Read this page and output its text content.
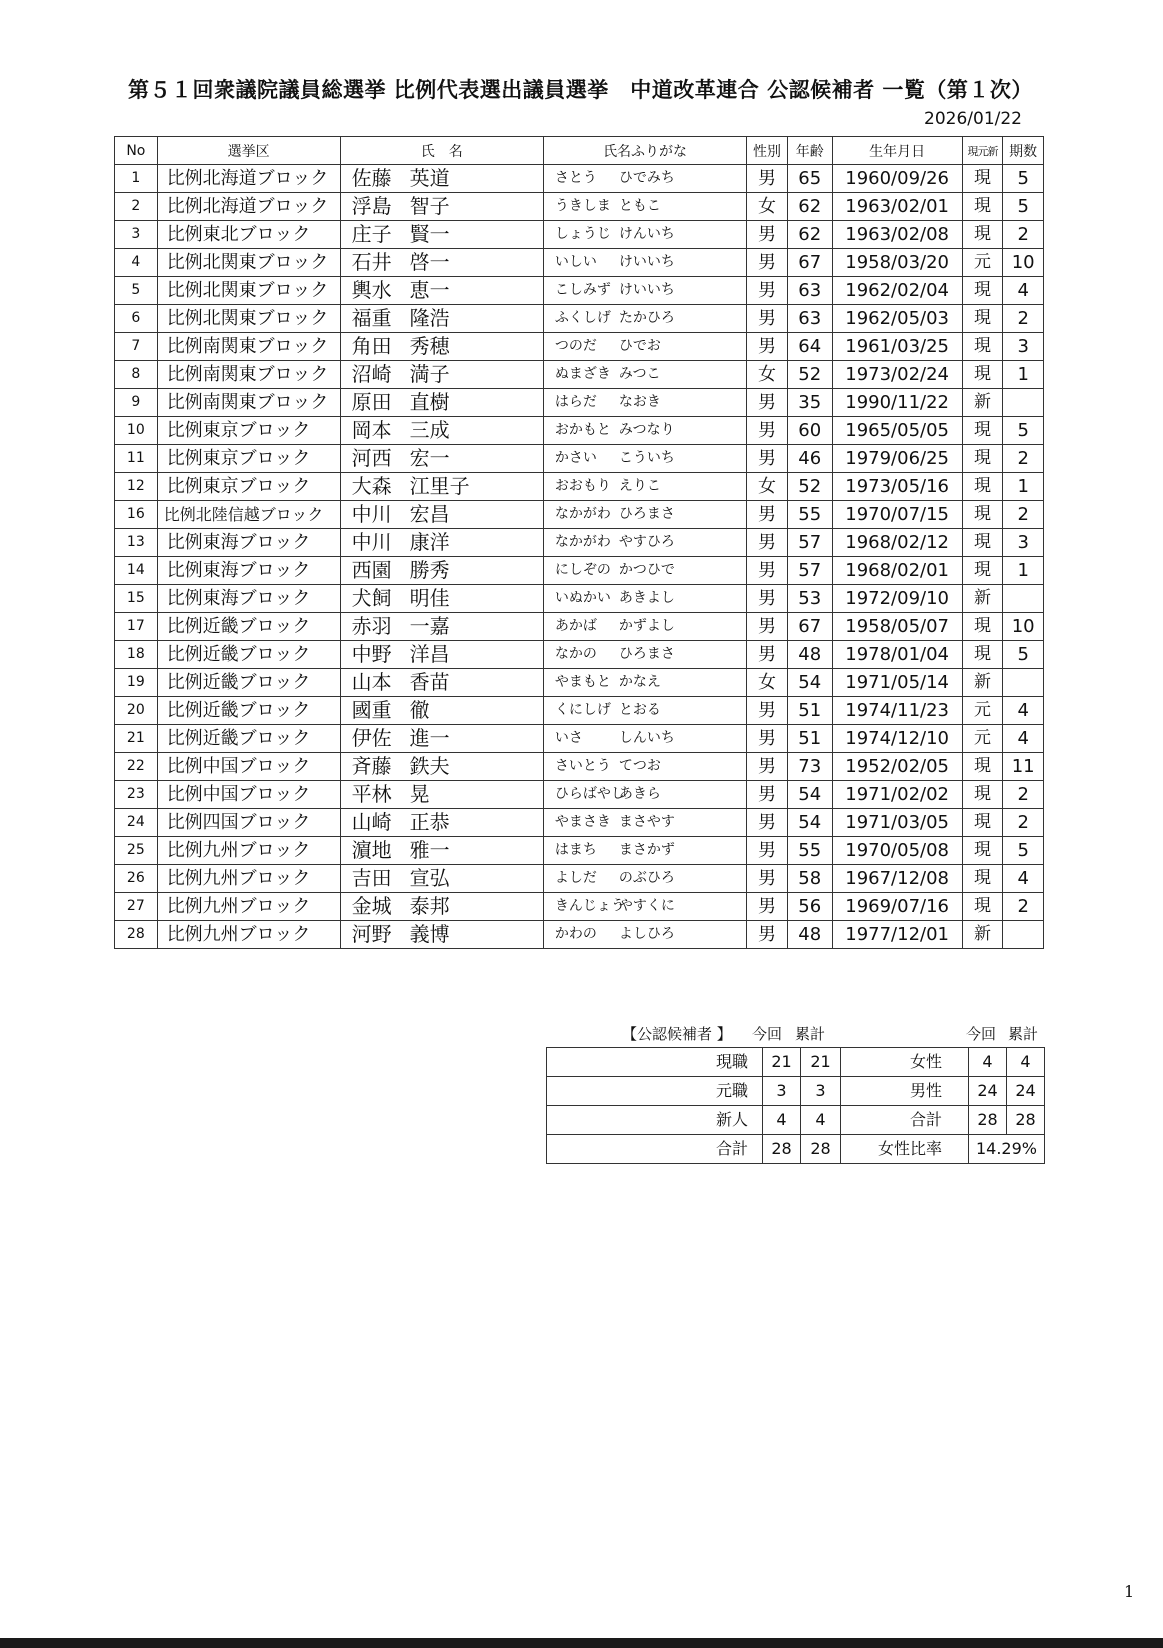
第５１回衆議院議員総選挙 比例代表選出議員選挙　中道改革連合 公認候補者 一覧（第１次）
2026/01/22
No	選挙区	氏　名	氏名ふりがな	性別	年齢	生年月日	現元新	期数
1	比例北海道ブロック	佐藤 英道	さとう ひでみち	男	65	1960/09/26	現	5
2	比例北海道ブロック	浮島 智子	うきしま ともこ	女	62	1963/02/01	現	5
3	比例東北ブロック	庄子 賢一	しょうじ けんいち	男	62	1963/02/08	現	2
4	比例北関東ブロック	石井 啓一	いしい けいいち	男	67	1958/03/20	元	10
5	比例北関東ブロック	輿水 恵一	こしみず けいいち	男	63	1962/02/04	現	4
6	比例北関東ブロック	福重 隆浩	ふくしげ たかひろ	男	63	1962/05/03	現	2
7	比例南関東ブロック	角田 秀穂	つのだ ひでお	男	64	1961/03/25	現	3
8	比例南関東ブロック	沼崎 満子	ぬまざき みつこ	女	52	1973/02/24	現	1
9	比例南関東ブロック	原田 直樹	はらだ なおき	男	35	1990/11/22	新	
10	比例東京ブロック	岡本 三成	おかもと みつなり	男	60	1965/05/05	現	5
11	比例東京ブロック	河西 宏一	かさい こういち	男	46	1979/06/25	現	2
12	比例東京ブロック	大森 江里子	おおもり えりこ	女	52	1973/05/16	現	1
16	比例北陸信越ブロック	中川 宏昌	なかがわ ひろまさ	男	55	1970/07/15	現	2
13	比例東海ブロック	中川 康洋	なかがわ やすひろ	男	57	1968/02/12	現	3
14	比例東海ブロック	西園 勝秀	にしぞの かつひで	男	57	1968/02/01	現	1
15	比例東海ブロック	犬飼 明佳	いぬかい あきよし	男	53	1972/09/10	新	
17	比例近畿ブロック	赤羽 一嘉	あかば かずよし	男	67	1958/05/07	現	10
18	比例近畿ブロック	中野 洋昌	なかの ひろまさ	男	48	1978/01/04	現	5
19	比例近畿ブロック	山本 香苗	やまもと かなえ	女	54	1971/05/14	新	
20	比例近畿ブロック	國重 徹	くにしげ とおる	男	51	1974/11/23	元	4
21	比例近畿ブロック	伊佐 進一	いさ しんいち	男	51	1974/12/10	元	4
22	比例中国ブロック	斉藤 鉄夫	さいとう てつお	男	73	1952/02/05	現	11
23	比例中国ブロック	平林 晃	ひらばやしあきら	男	54	1971/02/02	現	2
24	比例四国ブロック	山崎 正恭	やまさき まさやす	男	54	1971/03/05	現	2
25	比例九州ブロック	濵地 雅一	はまち まさかず	男	55	1970/05/08	現	5
26	比例九州ブロック	吉田 宣弘	よしだ のぶひろ	男	58	1967/12/08	現	4
27	比例九州ブロック	金城 泰邦	きんじょうやすくに	男	56	1969/07/16	現	2
28	比例九州ブロック	河野 義博	かわの よしひろ	男	48	1977/12/01	新	
【公認候補者 】 今回 累計	今回 累計
現職	21	21	女性	4	4
元職	3	3	男性	24	24
新人	4	4	合計	28	28
合計	28	28	女性比率	14.29%	
1
